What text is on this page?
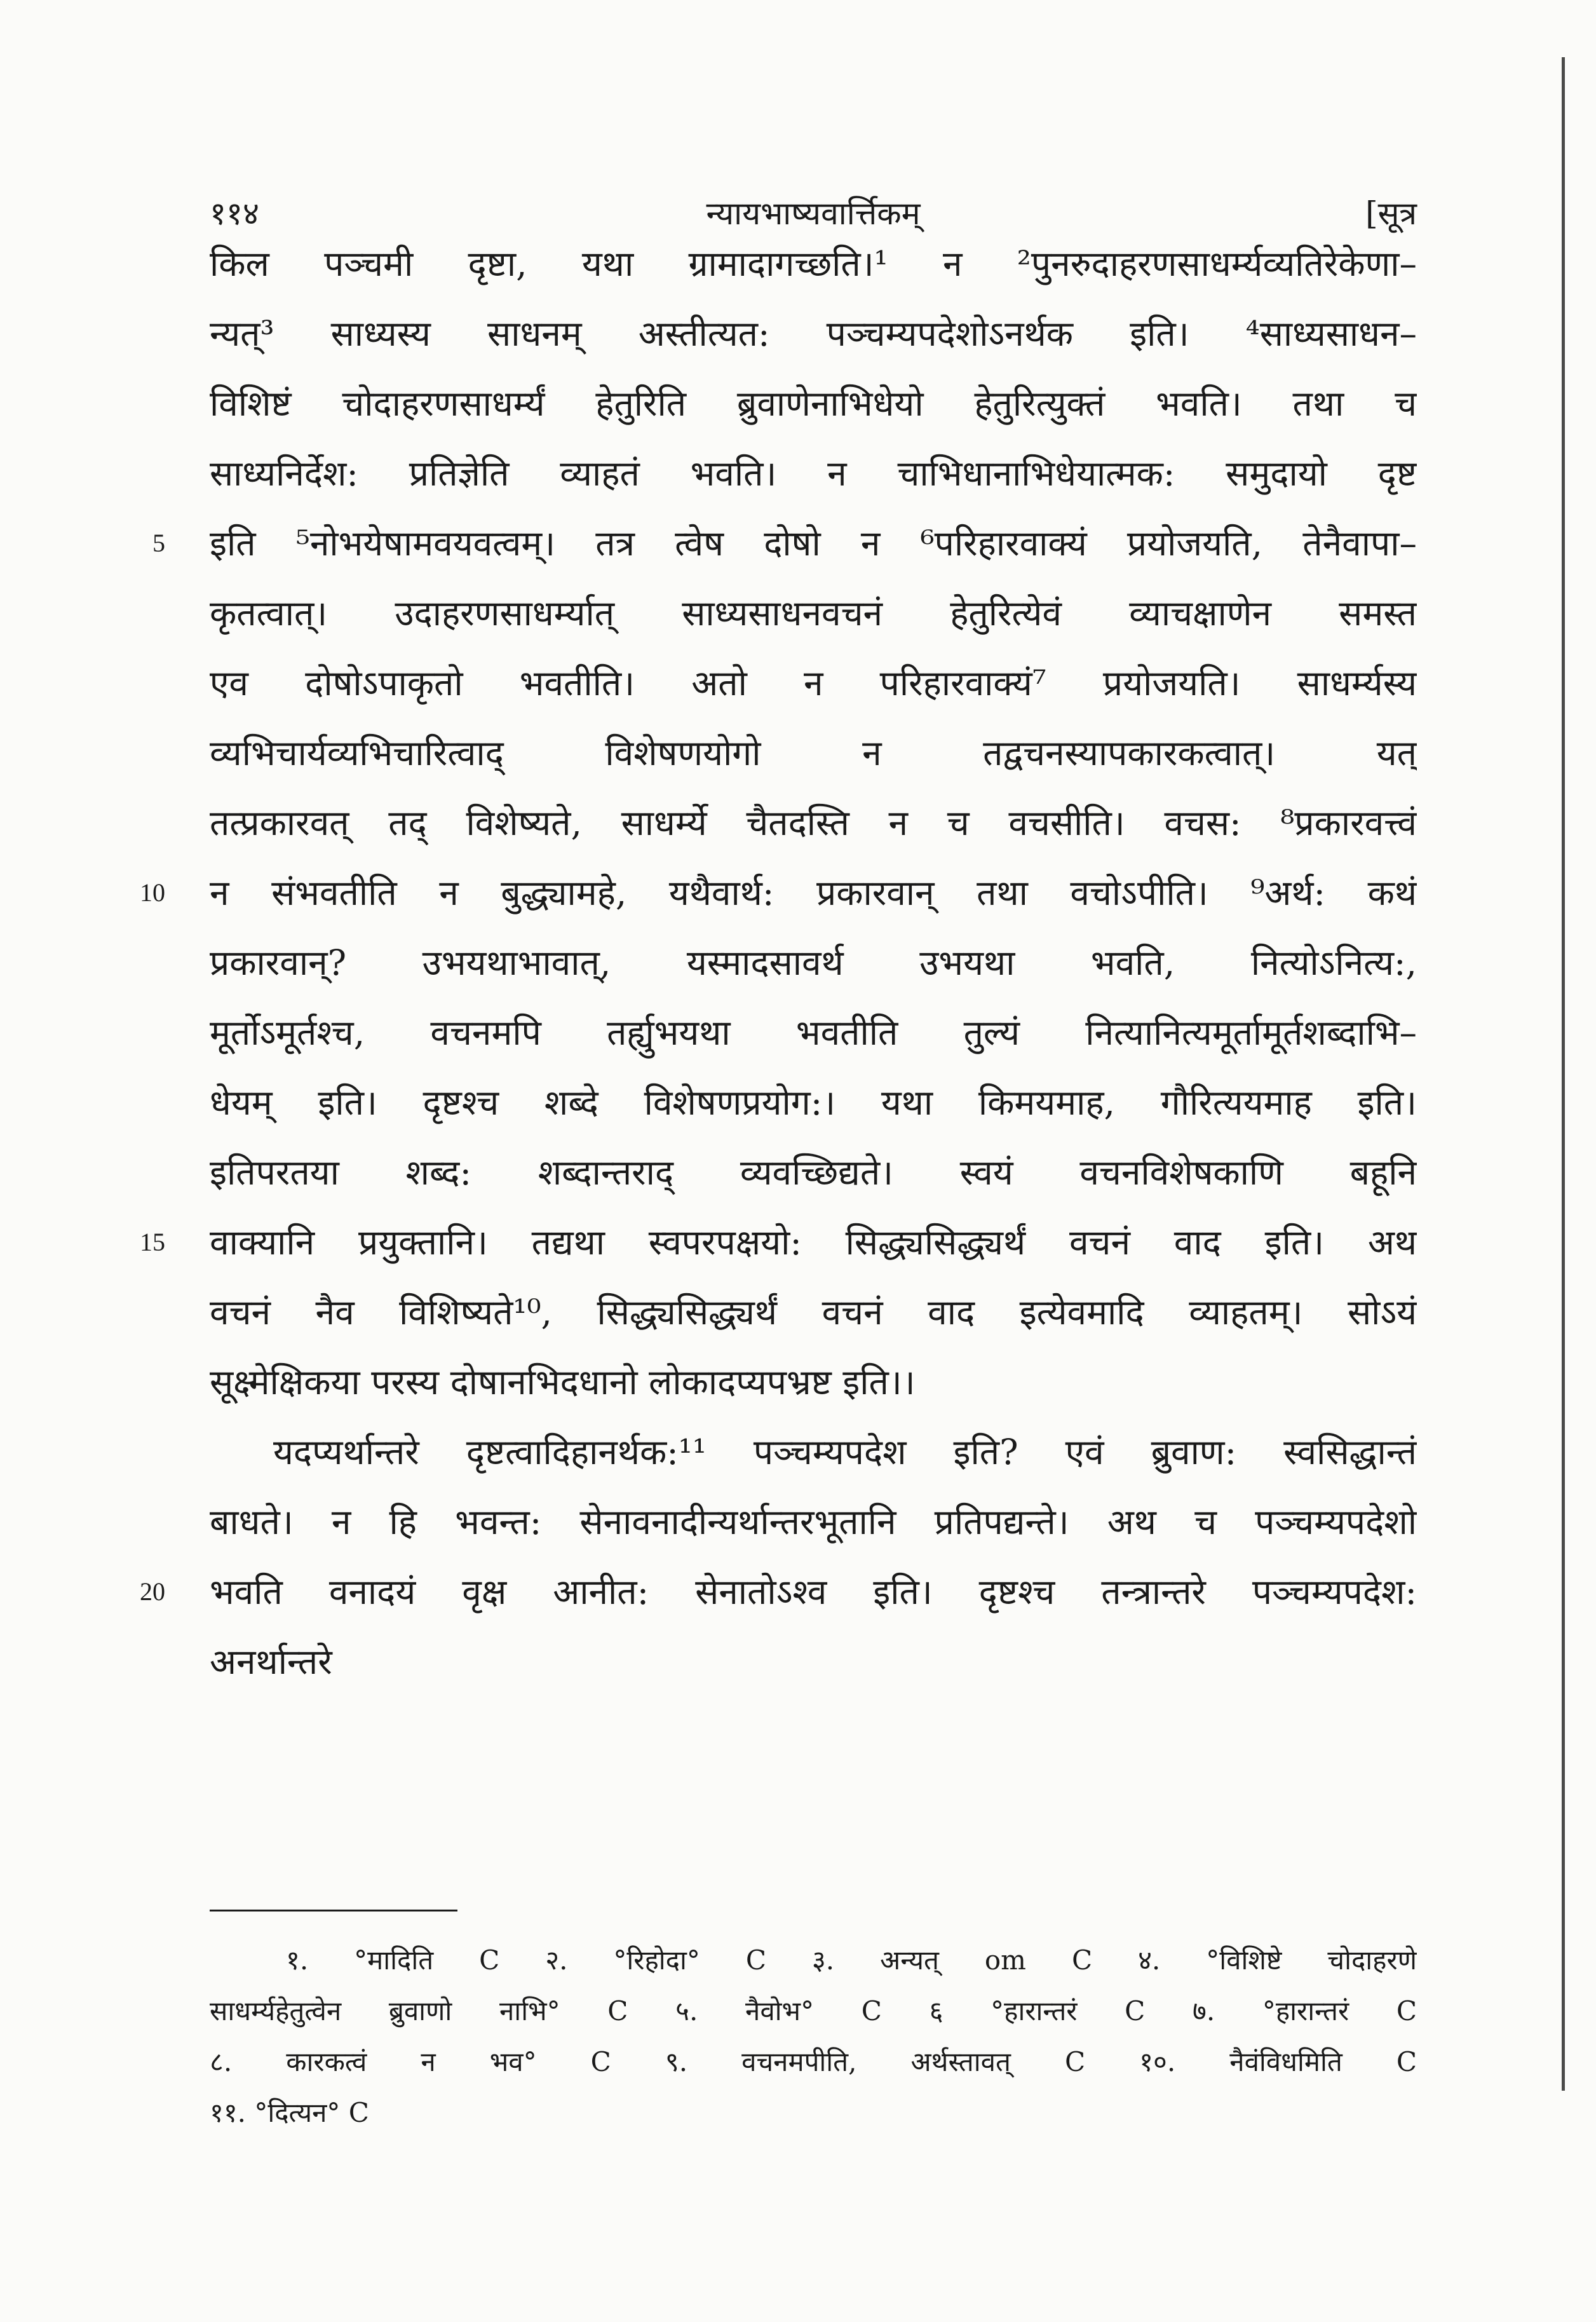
११४	न्यायभाष्यवार्त्तिकम्	[सूत्र
किल पञ्चमी दृष्टा, यथा ग्रामादागच्छति।¹ न ²पुनरुदाहरणसाधर्म्यव्यतिरेकेणा–
न्यत्³ साध्यस्य साधनम् अस्तीत्यत: पञ्चम्यपदेशोऽनर्थक इति। ⁴साध्यसाधन–
विशिष्टं चोदाहरणसाधर्म्यं हेतुरिति ब्रुवाणेनाभिधेयो हेतुरित्युक्तं भवति। तथा च
साध्यनिर्देश: प्रतिज्ञेति व्याहतं भवति। न चाभिधानाभिधेयात्मक: समुदायो दृष्ट
इति ⁵नोभयेषामवयवत्वम्। तत्र त्वेष दोषो न ⁶परिहारवाक्यं प्रयोजयति, तेनैवापा–
कृतत्वात्। उदाहरणसाधर्म्यात् साध्यसाधनवचनं हेतुरित्येवं व्याचक्षाणेन समस्त
एव दोषोऽपाकृतो भवतीति। अतो न परिहारवाक्यं⁷ प्रयोजयति। साधर्म्यस्य
व्यभिचार्यव्यभिचारित्वाद् विशेषणयोगो न तद्वचनस्यापकारकत्वात्। यत्
तत्प्रकारवत् तद् विशेष्यते, साधर्म्ये चैतदस्ति न च वचसीति। वचस: ⁸प्रकारवत्त्वं
न संभवतीति न बुद्ध्यामहे, यथैवार्थ: प्रकारवान् तथा वचोऽपीति। ⁹अर्थ: कथं
प्रकारवान्? उभयथाभावात्, यस्मादसावर्थ उभयथा भवति, नित्योऽनित्य:,
मूर्तोऽमूर्तश्च, वचनमपि तर्ह्युभयथा भवतीति तुल्यं नित्यानित्यमूर्तामूर्तशब्दाभि–
धेयम् इति। दृष्टश्च शब्दे विशेषणप्रयोग:। यथा किमयमाह, गौरित्ययमाह इति।
इतिपरतया शब्द: शब्दान्तराद् व्यवच्छिद्यते। स्वयं वचनविशेषकाणि बहूनि
वाक्यानि प्रयुक्तानि। तद्यथा स्वपरपक्षयो: सिद्ध्यसिद्ध्यर्थं वचनं वाद इति। अथ
वचनं नैव विशिष्यते¹⁰, सिद्ध्यसिद्ध्यर्थं वचनं वाद इत्येवमादि व्याहतम्। सोऽयं
सूक्ष्मेक्षिकया परस्य दोषानभिदधानो लोकादप्यपभ्रष्ट इति।।
यदप्यर्थान्तरे दृष्टत्वादिहानर्थक:¹¹ पञ्चम्यपदेश इति? एवं ब्रुवाण: स्वसिद्धान्तं
बाधते। न हि भवन्त: सेनावनादीन्यर्थान्तरभूतानि प्रतिपद्यन्ते। अथ च पञ्चम्यपदेशो
भवति वनादयं वृक्ष आनीत: सेनातोऽश्व इति। दृष्टश्च तन्त्रान्तरे पञ्चम्यपदेश:
अनर्थान्तरे
5
10
15
20
१. °मादिति C २. °रिहोदा° C ३. अन्यत् om C ४. °विशिष्टे चोदाहरणे
साधर्म्यहेतुत्वेन ब्रुवाणो नाभि° C ५. नैवोभ° C ६ °हारान्तरं C ७. °हारान्तरं C
८. कारकत्वं न भव° C ९. वचनमपीति, अर्थस्तावत् C १०. नैवंविधमिति C
११. °दित्यन° C
